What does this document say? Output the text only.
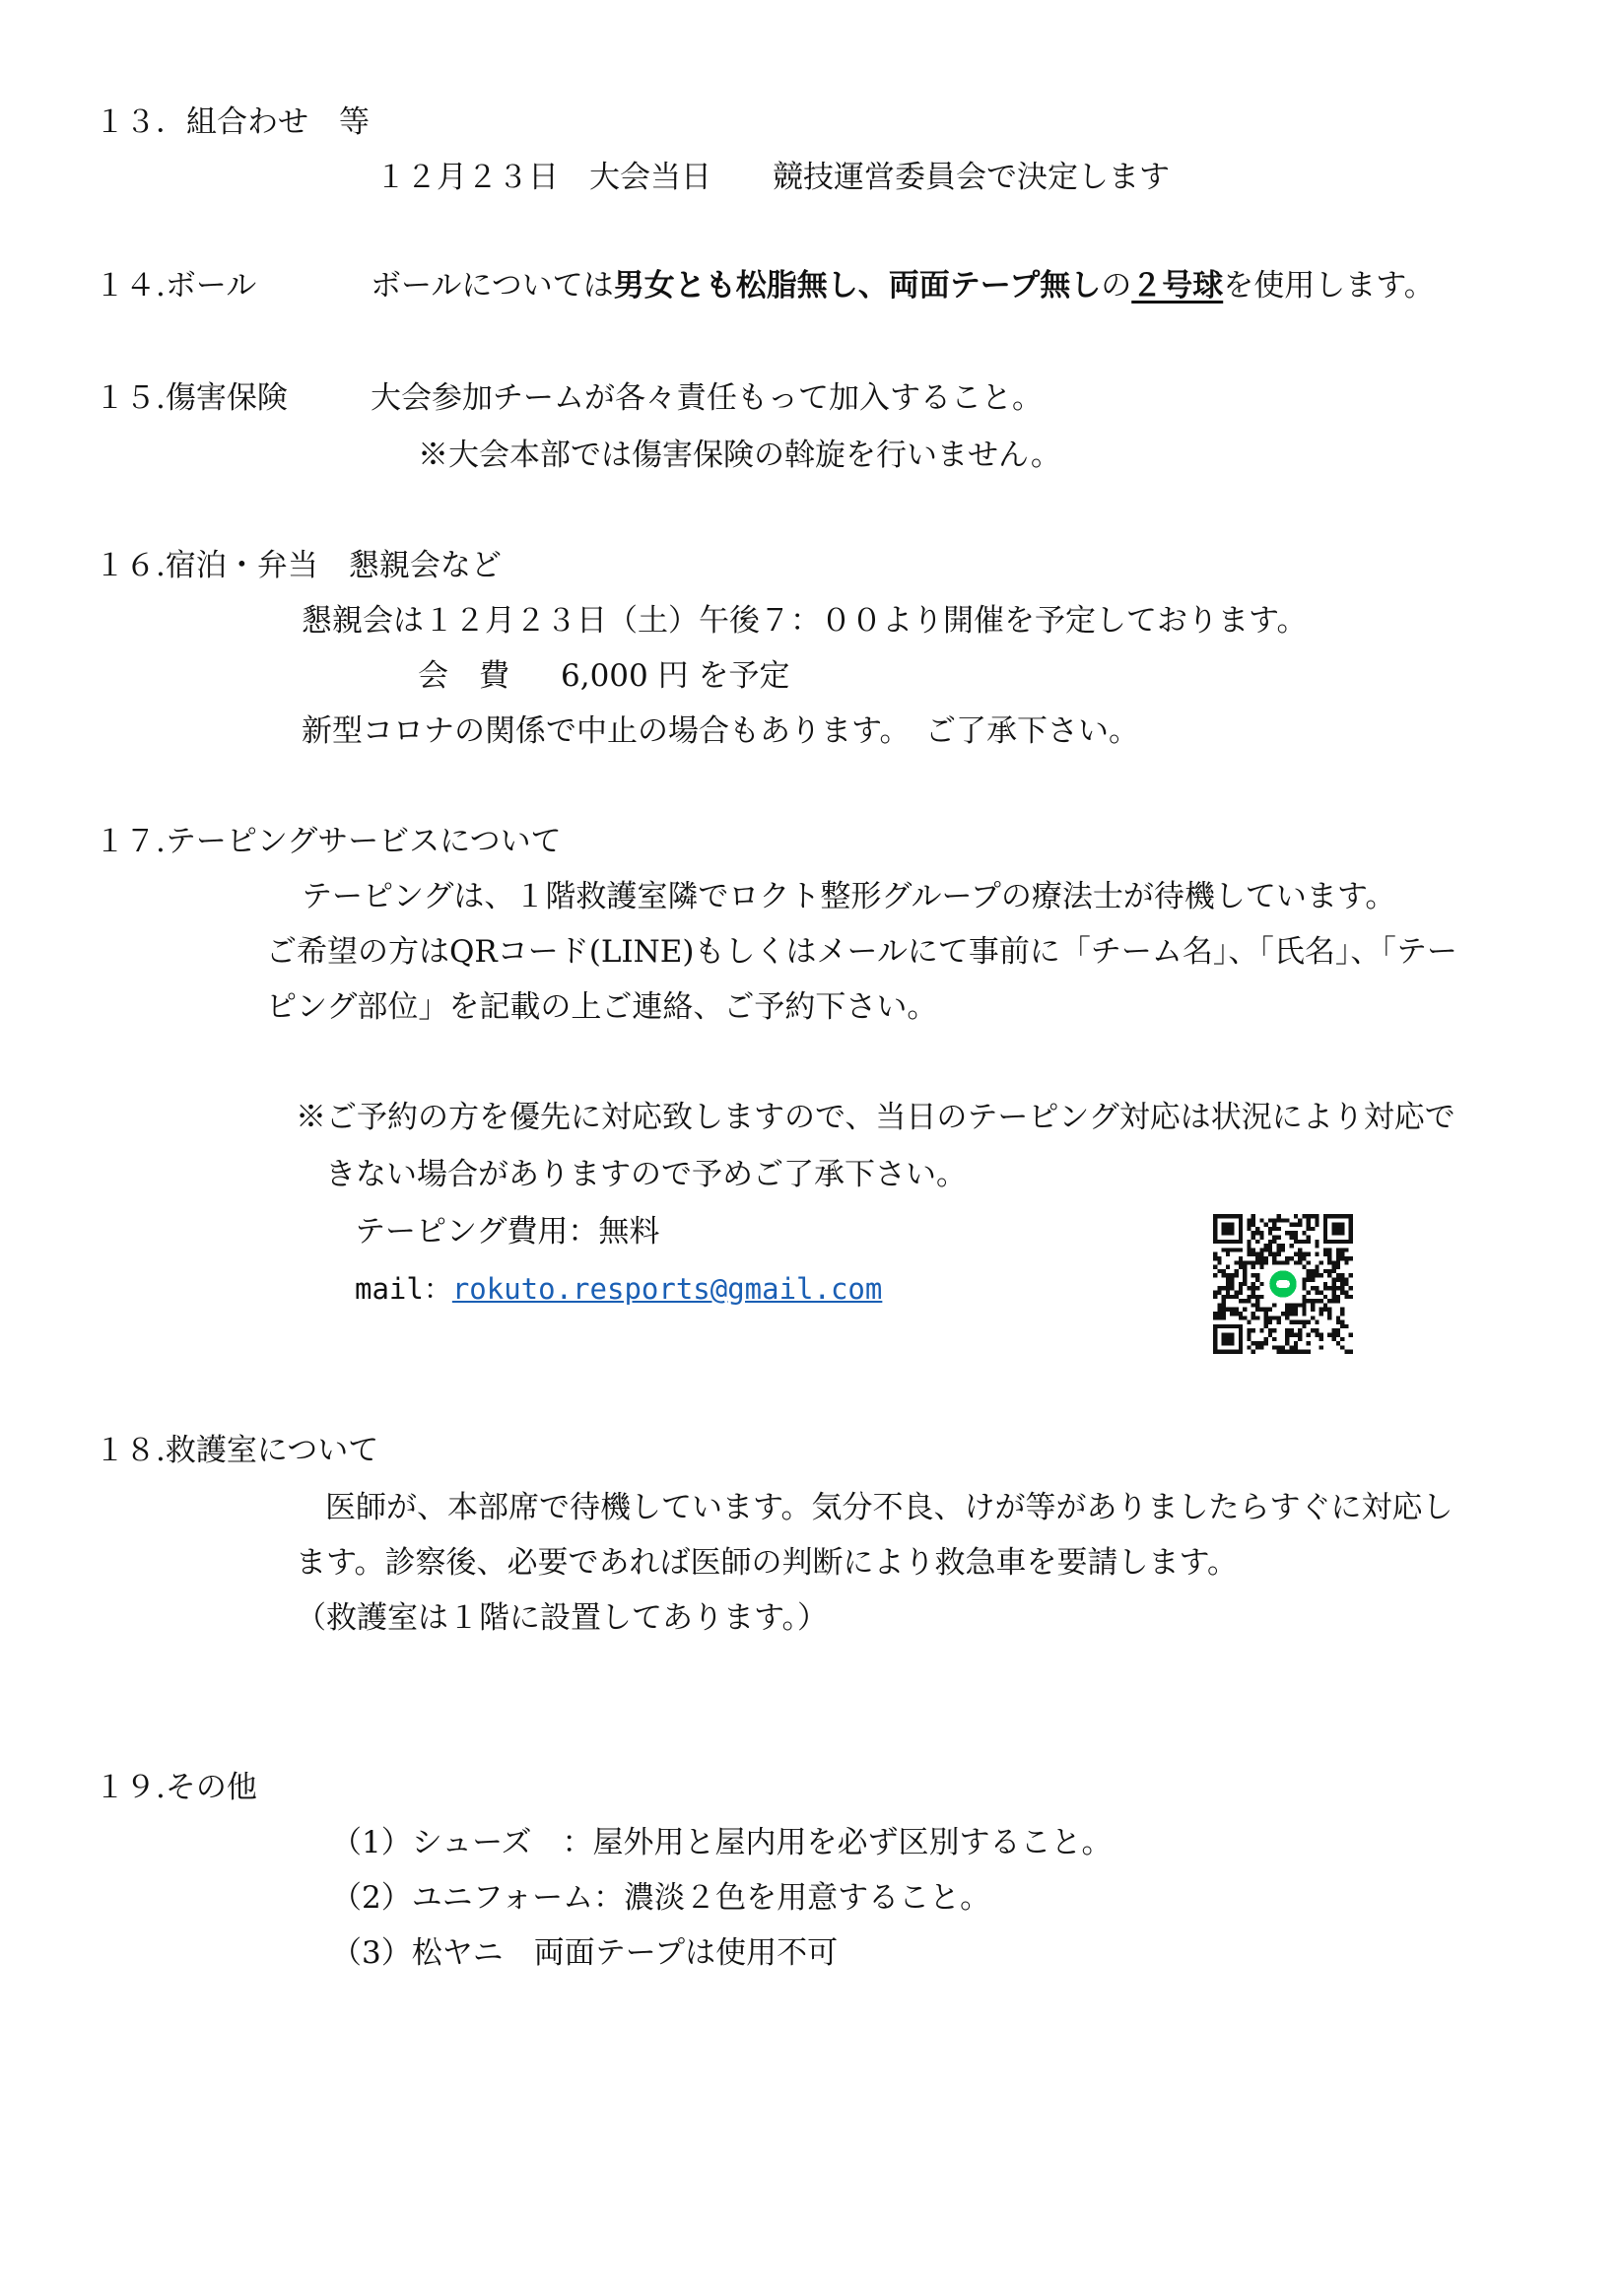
１３．組合わせ　等
１２月２３日　大会当日　　競技運営委員会で決定します
１４.ボール	ボールについては男女とも松脂無し、両面テープ無しの２号球を使用します。
１５.傷害保険	大会参加チームが各々責任もって加入すること。
※大会本部では傷害保険の斡旋を行いません。
１６.宿泊・弁当　懇親会など
懇親会は１２月２３日（土）午後７：００より開催を予定しております。
会　費 6,000 円 を予定
新型コロナの関係で中止の場合もあります。　ご了承下さい。
１７.テーピングサービスについて
テーピングは、１階救護室隣でロクト整形グループの療法士が待機しています。
ご希望の方はQRコード(LINE)もしくはメールにて事前に「チーム名」、「氏名」、「テー
ピング部位」を記載の上ご連絡、ご予約下さい。
※ご予約の方を優先に対応致しますので、当日のテーピング対応は状況により対応で
きない場合がありますので予めご了承下さい。
テーピング費用：無料
mail：rokuto.resports@gmail.com
１８.救護室について
医師が、本部席で待機しています。気分不良、けが等がありましたらすぐに対応し
ます。診察後、必要であれば医師の判断により救急車を要請します。
（救護室は１階に設置してあります。）
１９.その他
（1）シューズ　：屋外用と屋内用を必ず区別すること。
（2）ユニフォーム：濃淡２色を用意すること。
（3）松ヤニ　両面テープは使用不可
